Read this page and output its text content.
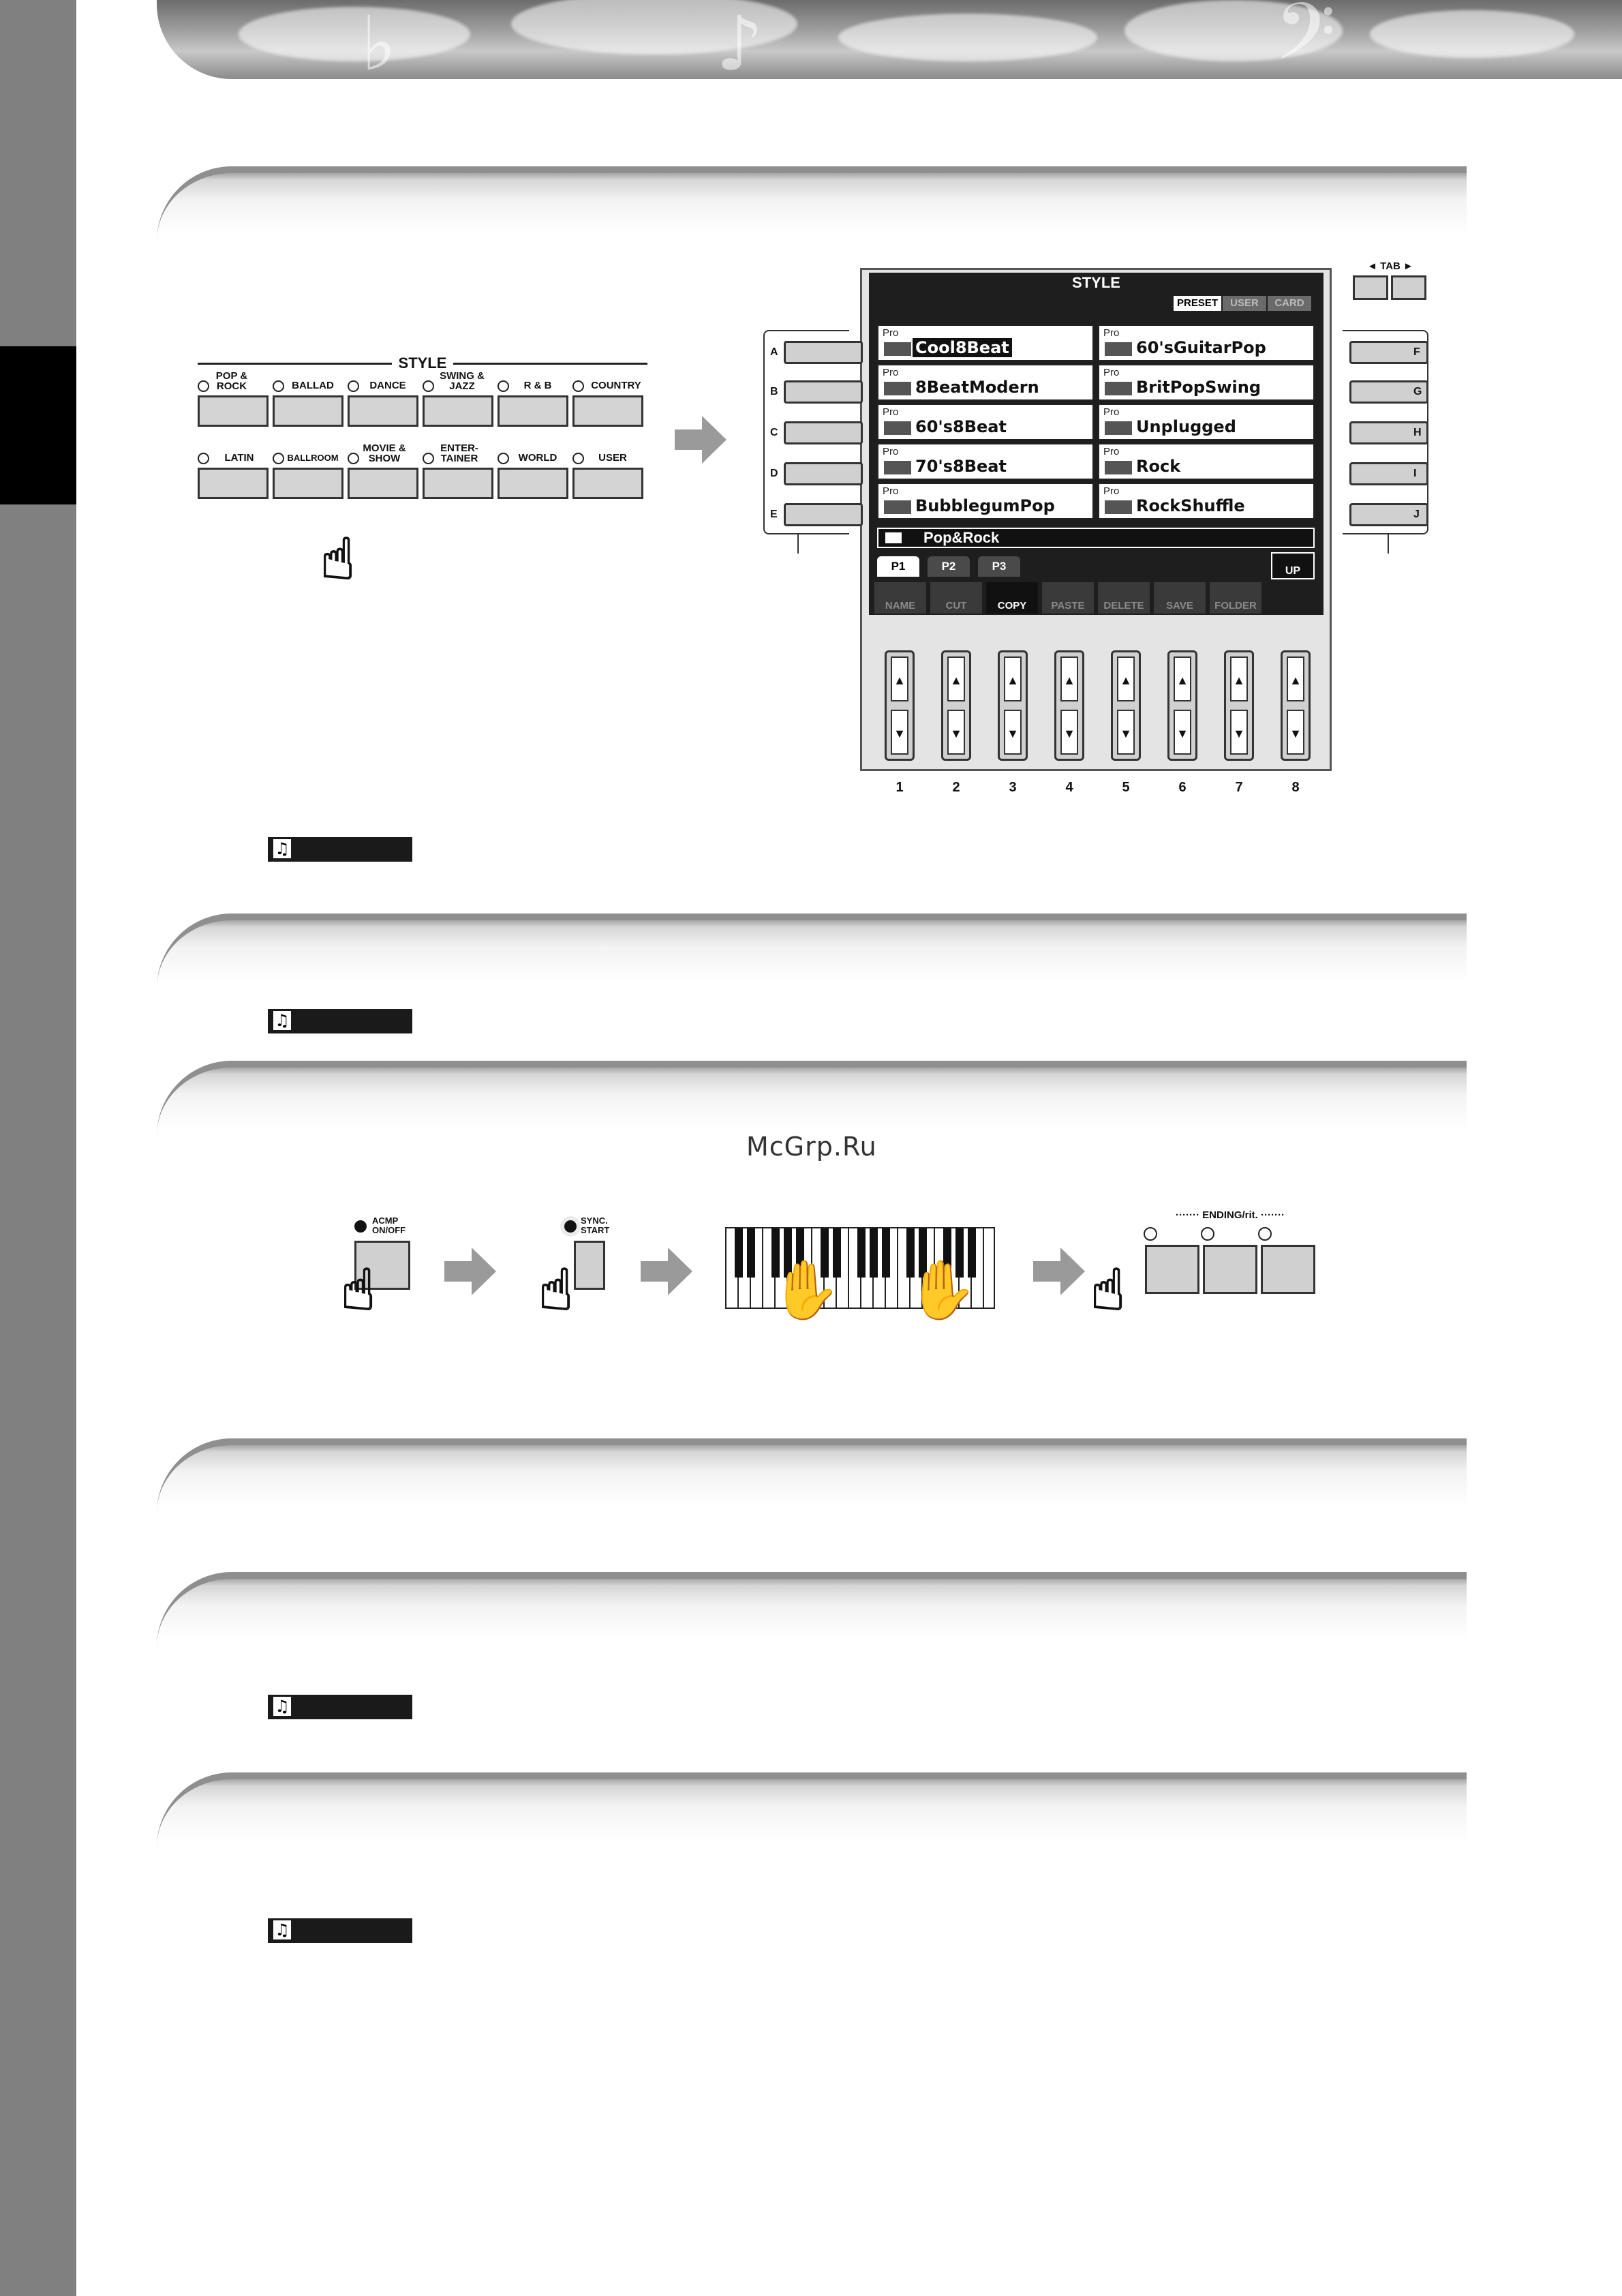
♭	♪	𝄢
♫
♫
♫
♫
STYLE
POP &
ROCK	BALLAD	DANCE
SWING &
JAZZ	R & B	COUNTRY
LATIN	BALLROOM
MOVIE &
SHOW
ENTER-
TAINER	WORLD	USER
☝
STYLE
PRESET	USER	CARD
Pro
Cool8Beat
Pro
8BeatModern
Pro
60's8Beat
Pro
70's8Beat
Pro
BubblegumPop
Pro
60'sGuitarPop
Pro
BritPopSwing
Pro
Unplugged
Pro
Rock
Pro
RockShuffle
Pop&Rock
P1	P2	P3	UP
NAME	CUT	COPY	PASTE	DELETE	SAVE	FOLDER
◄ TAB ►
A
B
C
D
E
F
G
H
I
J
▲
▼
▲
▼
▲
▼
▲
▼
▲
▼
▲
▼
▲
▼
▲
▼
1	2	3	4	5	6	7	8
McGrp.Ru
ACMP
ON/OFF
☝
SYNC.
START
☝	✋ ✋
······· ENDING/rit. ·······
☝
